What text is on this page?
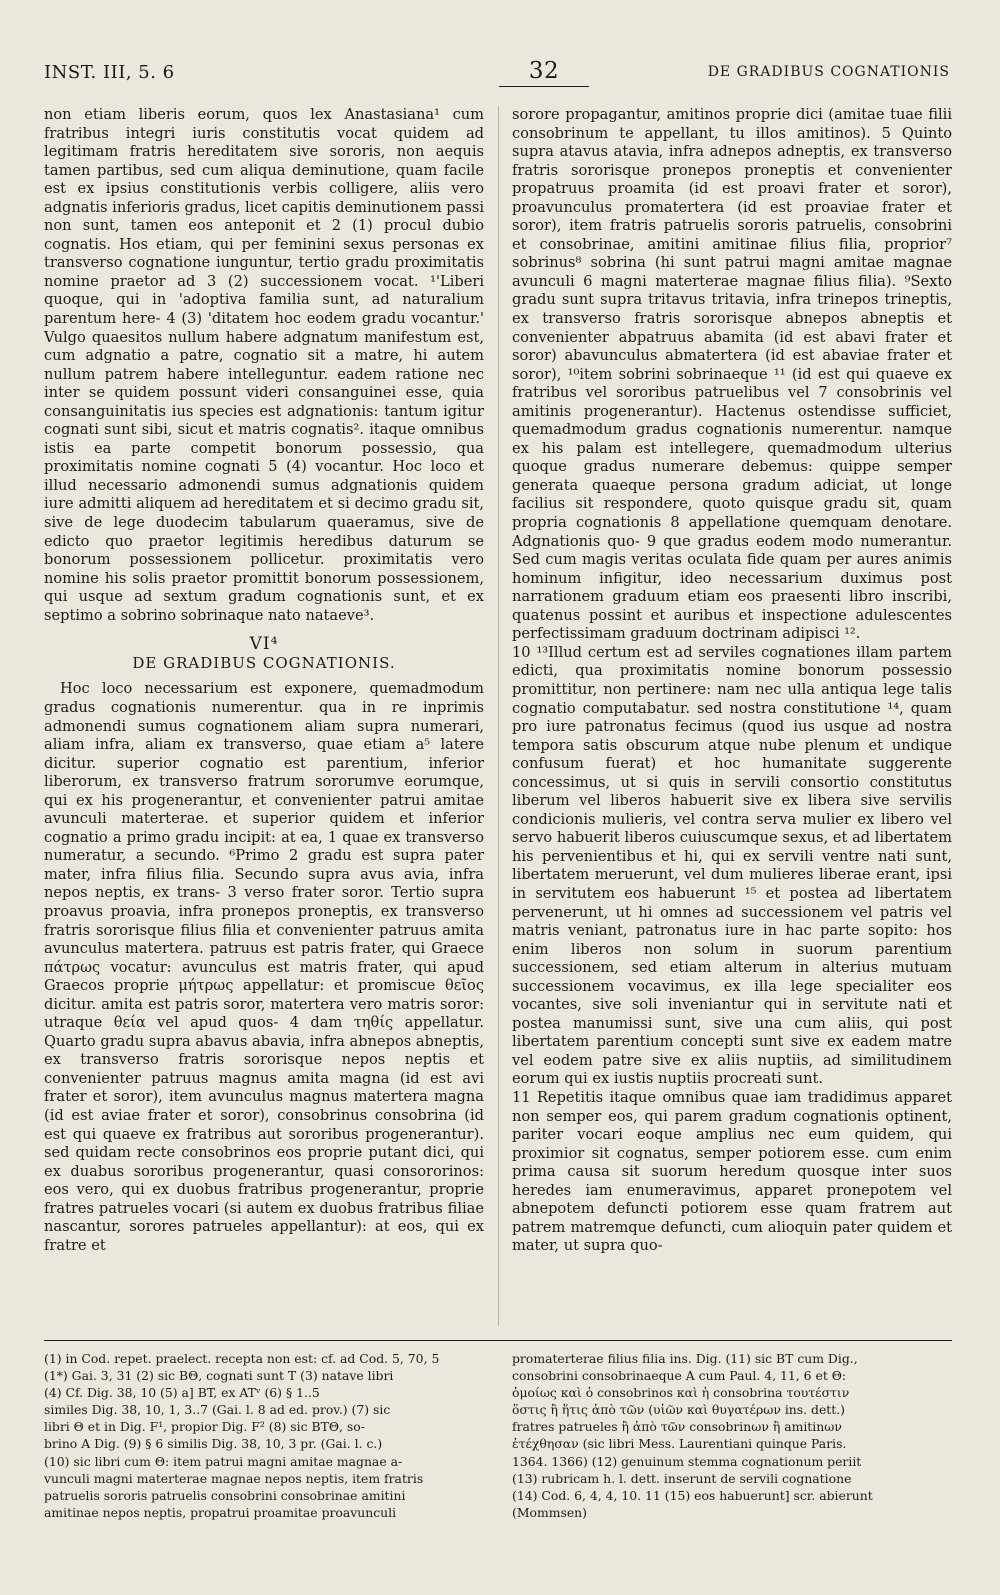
INST. III, 5. 6	32	DE GRADIBUS COGNATIONIS

non etiam liberis eorum, quos lex Anastasiana¹ cum fratribus integri iuris constitutis vocat quidem ad legitimam fratris hereditatem sive sororis, non aequis tamen partibus, sed cum aliqua deminutione, quam facile est ex ipsius constitutionis verbis colligere, aliis vero adgnatis inferioris gradus, licet capitis deminutionem passi non sunt, tamen eos anteponit et 2 (1) procul dubio cognatis. Hos etiam, qui per feminini sexus personas ex transverso cognatione iunguntur, tertio gradu proximitatis nomine praetor ad 3 (2) successionem vocat. ¹'Liberi quoque, qui in 'adoptiva familia sunt, ad naturalium parentum here- 4 (3) 'ditatem hoc eodem gradu vocantur.' Vulgo quaesitos nullum habere adgnatum manifestum est, cum adgnatio a patre, cognatio sit a matre, hi autem nullum patrem habere intelleguntur. eadem ratione nec inter se quidem possunt videri consanguinei esse, quia consanguinitatis ius species est adgnationis: tantum igitur cognati sunt sibi, sicut et matris cognatis². itaque omnibus istis ea parte competit bonorum possessio, qua proximitatis nomine cognati 5 (4) vocantur. Hoc loco et illud necessario admonendi sumus adgnationis quidem iure admitti aliquem ad hereditatem et si decimo gradu sit, sive de lege duodecim tabularum quaeramus, sive de edicto quo praetor legitimis heredibus daturum se bonorum possessionem pollicetur. proximitatis vero nomine his solis praetor promittit bonorum possessionem, qui usque ad sextum gradum cognationis sunt, et ex septimo a sobrino sobrinaque nato nataeve³.

VI⁴
DE GRADIBUS COGNATIONIS.

Hoc loco necessarium est exponere, quemadmodum gradus cognationis numerentur. qua in re inprimis admonendi sumus cognationem aliam supra numerari, aliam infra, aliam ex transverso, quae etiam a⁵ latere dicitur. superior cognatio est parentium, inferior liberorum, ex transverso fratrum sororumve eorumque, qui ex his progenerantur, et convenienter patrui amitae avunculi materterae. et superior quidem et inferior cognatio a primo gradu incipit: at ea, 1 quae ex transverso numeratur, a secundo. ⁶Primo 2 gradu est supra pater mater, infra filius filia. Secundo supra avus avia, infra nepos neptis, ex trans- 3 verso frater soror. Tertio supra proavus proavia, infra pronepos proneptis, ex transverso fratris sororisque filius filia et convenienter patruus amita avunculus matertera. patruus est patris frater, qui Graece πάτρως vocatur: avunculus est matris frater, qui apud Graecos proprie μήτρως appellatur: et promiscue θεῖος dicitur. amita est patris soror, matertera vero matris soror: utraque θεία vel apud quos- 4 dam τηθίς appellatur. Quarto gradu supra abavus abavia, infra abnepos abneptis, ex transverso fratris sororisque nepos neptis et convenienter patruus magnus amita magna (id est avi frater et soror), item avunculus magnus matertera magna (id est aviae frater et soror), consobrinus consobrina (id est qui quaeve ex fratribus aut sororibus progenerantur). sed quidam recte consobrinos eos proprie putant dici, qui ex duabus sororibus progenerantur, quasi consororinos: eos vero, qui ex duobus fratribus progenerantur, proprie fratres patrueles vocari (si autem ex duobus fratribus filiae nascantur, sorores patrueles appellantur): at eos, qui ex fratre et

sorore propagantur, amitinos proprie dici (amitae tuae filii consobrinum te appellant, tu illos amitinos). 5 Quinto supra atavus atavia, infra adnepos adneptis, ex transverso fratris sororisque pronepos proneptis et convenienter propatruus proamita (id est proavi frater et soror), proavunculus promatertera (id est proaviae frater et soror), item fratris patruelis sororis patruelis, consobrini et consobrinae, amitini amitinae filius filia, proprior⁷ sobrinus⁸ sobrina (hi sunt patrui magni amitae magnae avunculi 6 magni materterae magnae filius filia). ⁹Sexto gradu sunt supra tritavus tritavia, infra trinepos trineptis, ex transverso fratris sororisque abnepos abneptis et convenienter abpatruus abamita (id est abavi frater et soror) abavunculus abmatertera (id est abaviae frater et soror), ¹⁰item sobrini sobrinaeque ¹¹ (id est qui quaeve ex fratribus vel sororibus patruelibus vel 7 consobrinis vel amitinis progenerantur). Hactenus ostendisse sufficiet, quemadmodum gradus cognationis numerentur. namque ex his palam est intellegere, quemadmodum ulterius quoque gradus numerare debemus: quippe semper generata quaeque persona gradum adiciat, ut longe facilius sit respondere, quoto quisque gradu sit, quam propria cognationis 8 appellatione quemquam denotare. Adgnationis quo- 9 que gradus eodem modo numerantur. Sed cum magis veritas oculata fide quam per aures animis hominum infigitur, ideo necessarium duximus post narrationem graduum etiam eos praesenti libro inscribi, quatenus possint et auribus et inspectione adulescentes perfectissimam graduum doctrinam adipisci ¹².

10 ¹³Illud certum est ad serviles cognationes illam partem edicti, qua proximitatis nomine bonorum possessio promittitur, non pertinere: nam nec ulla antiqua lege talis cognatio computabatur. sed nostra constitutione ¹⁴, quam pro iure patronatus fecimus (quod ius usque ad nostra tempora satis obscurum atque nube plenum et undique confusum fuerat) et hoc humanitate suggerente concessimus, ut si quis in servili consortio constitutus liberum vel liberos habuerit sive ex libera sive servilis condicionis mulieris, vel contra serva mulier ex libero vel servo habuerit liberos cuiuscumque sexus, et ad libertatem his pervenientibus et hi, qui ex servili ventre nati sunt, libertatem meruerunt, vel dum mulieres liberae erant, ipsi in servitutem eos habuerunt ¹⁵ et postea ad libertatem pervenerunt, ut hi omnes ad successionem vel patris vel matris veniant, patronatus iure in hac parte sopito: hos enim liberos non solum in suorum parentium successionem, sed etiam alterum in alterius mutuam successionem vocavimus, ex illa lege specialiter eos vocantes, sive soli inveniantur qui in servitute nati et postea manumissi sunt, sive una cum aliis, qui post libertatem parentium concepti sunt sive ex eadem matre vel eodem patre sive ex aliis nuptiis, ad similitudinem eorum qui ex iustis nuptiis procreati sunt.

11 Repetitis itaque omnibus quae iam tradidimus apparet non semper eos, qui parem gradum cognationis optinent, pariter vocari eoque amplius nec eum quidem, qui proximior sit cognatus, semper potiorem esse. cum enim prima causa sit suorum heredum quosque inter suos heredes iam enumeravimus, apparet pronepotem vel abnepotem defuncti potiorem esse quam fratrem aut patrem matremque defuncti, cum alioquin pater quidem et mater, ut supra quo-

(1) in Cod. repet. praelect. recepta non est: cf. ad Cod. 5, 70, 5
(1*) Gai. 3, 31 (2) sic BΘ, cognati sunt T (3) natave libri
(4) Cf. Dig. 38, 10 (5) a] BT, ex ATᵛ (6) § 1..5
similes Dig. 38, 10, 1, 3..7 (Gai. l. 8 ad ed. prov.) (7) sic
libri Θ et in Dig. F¹, propior Dig. F² (8) sic BTΘ, so-
brino A Dig. (9) § 6 similis Dig. 38, 10, 3 pr. (Gai. l. c.)
(10) sic libri cum Θ: item patrui magni amitae magnae a-
vunculi magni materterae magnae nepos neptis, item fratris
patruelis sororis patruelis consobrini consobrinae amitini
amitinae nepos neptis, propatrui proamitae proavunculi
promaterterae filius filia ins. Dig. (11) sic BT cum Dig.,
consobrini consobrinaeque A cum Paul. 4, 11, 6 et Θ:
ὁμοίως καὶ ὁ consobrinos καὶ ἡ consobrina τουτέστιν
ὅστις ἢ ἥτις ἀπὸ τῶν (υἱῶν καὶ θυγατέρων ins. dett.)
fratres patrueles ἢ ἀπὸ τῶν consobrinων ἢ amitinων
ἐτέχθησαν (sic libri Mess. Laurentiani quinque Paris.
1364. 1366) (12) genuinum stemma cognationum periit
(13) rubricam h. l. dett. inserunt de servili cognatione
(14) Cod. 6, 4, 4, 10. 11 (15) eos habuerunt] scr. abierunt
(Mommsen)
